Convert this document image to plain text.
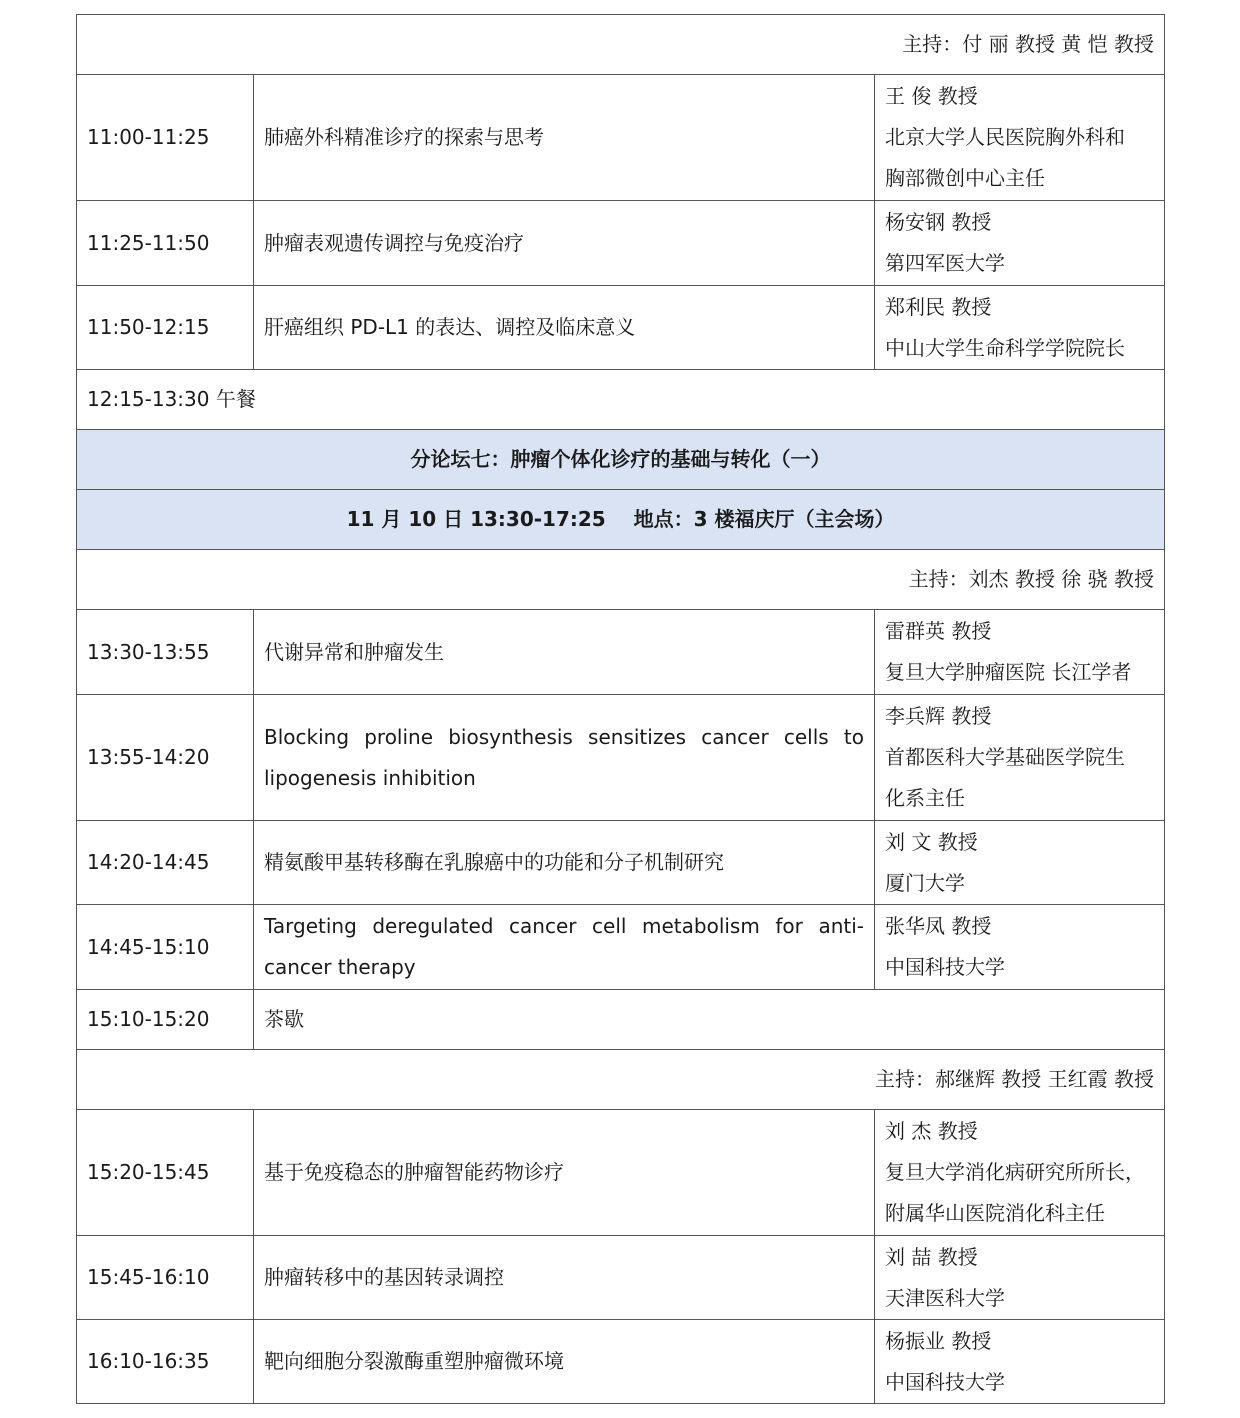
主持：付 丽 教授 黄 恺 教授		
11:00-11:25	肺癌外科精准诊疗的探索与思考	王 俊 教授
北京大学人民医院胸外科和
胸部微创中心主任

11:25-11:50	肿瘤表观遗传调控与免疫治疗	杨安钢 教授
第四军医大学

11:50-12:15	肝癌组织 PD-L1 的表达、调控及临床意义	郑利民 教授
中山大学生命科学学院院长

12:15-13:30 午餐		
分论坛七：肿瘤个体化诊疗的基础与转化（一）		
11 月 10 日 13:30-17:25    地点：3 楼福庆厅（主会场）		
主持：刘杰 教授 徐 骁 教授		
13:30-13:55	代谢异常和肿瘤发生	雷群英 教授
复旦大学肿瘤医院 长江学者

13:55-14:20	Blocking proline biosynthesis sensitizes cancer cells to lipogenesis inhibition	李兵辉 教授
首都医科大学基础医学院生
化系主任

14:20-14:45	精氨酸甲基转移酶在乳腺癌中的功能和分子机制研究	刘 文 教授
厦门大学

14:45-15:10	Targeting deregulated cancer cell metabolism for anti-cancer therapy	张华凤 教授
中国科技大学

15:10-15:20	茶歇	
主持：郝继辉 教授 王红霞 教授		
15:20-15:45	基于免疫稳态的肿瘤智能药物诊疗	刘 杰 教授
复旦大学消化病研究所所长，
附属华山医院消化科主任

15:45-16:10	肿瘤转移中的基因转录调控	刘 喆 教授
天津医科大学

16:10-16:35	靶向细胞分裂激酶重塑肿瘤微环境	杨振业 教授
中国科技大学
